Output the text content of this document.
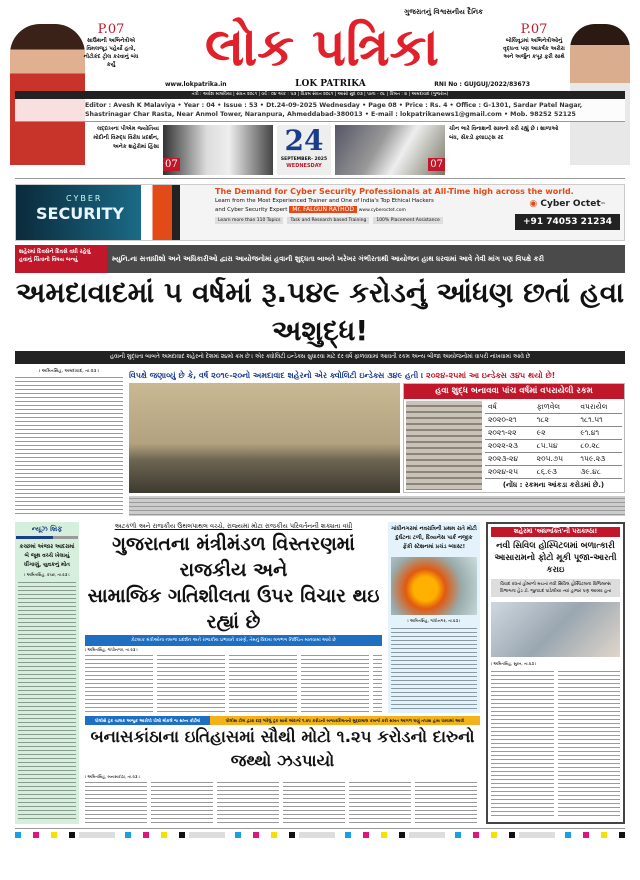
P.07
સાઉથની અભિનેત્રીએ વિમલજૂડ પહેર્યો હતો, નોટોકંદ ટ્રોલ કરવાનું બંધ કર્યું
ગુજરાતનું વિશ્વસનીય દૈનિક
લોક પત્રિકા	P.07
બોલિવૂડમાં અભિનેત્રીઓનું વૃદ્ધત્વ પણ આકર્ષક અરોરા અને અર્જુન કપૂર ફરી સાથે
www.lokpatrika.in	LOK PATRIKA	RNI No : GUJGUJ/2022/83673
તંત્રી : અવેશ માલવિયા | સંવત ૨૦૮૧ | વર્ષ : ૦૪ અંક : ૫૩ | વિક્રમ સંવત ૨૦૮૧ | આસો સુદ ૦૩ | પાના - ૦૮ | કિંમત : ૪ | અમદાવાદ (ગુજરાત)
Editor : Avesh K Malaviya • Year : 04 • Issue : 53 • Dt.24-09-2025 Wednesday • Page 08 • Price : Rs. 4 • Office : G-1301, Sardar Patel Nagar,
Shastrinagar Char Rasta, Near Anmol Tower, Naranpura, Ahmeddabad-380013 • E-mail : lokpatrikanews1@gmail.com • Mob. 98252 52125
લદ્દાખના પીએમ જ્યોતિયા મોદીની વિરુદ્ધ વિરોધ પ્રદર્શન, અનેક શહેરોમાં હિંસા
07
24
SEPTEMBER- 2025
WEDNESDAY	07
ચીન ભારે વિનાશની સામનો કરી રહ્યું છે । શાળાઓ બંધ, સેંકડો ફ્લાઇટ્સ રદ
CYBER
SECURITY
The Demand for Cyber Security Professionals at All-Time high across the world.
Learn from the Most Experienced Trainer and One of India's Top Ethical Hackers
and Cyber Security Expert Mr. FALGUN RATHOD www.cyberoctet.com
Learn more than 110 Topics	Task and Research based Training	100% Placement Assistance
◉ Cyber Octet™
+91 74053 21234
શહેરમાં દિવસેને દિવસે વધી રહેલું હવાનું ચિંતાનો વિષય બન્યું	મ્યુનિ.ના સત્તાધીશો અને અધિકારીઓ દ્વારા આયોજનોમાં હવાની શુદ્ધતા બાબતે ખરેખર ગંભીરતાથી આયોજન હાથ ધરવામાં આવે તેવી માંગ પણ વિપક્ષે કરી
અમદાવાદમાં ૫ વર્ષમાં રૂ.૫૪૯ કરોડનું આંધણ છતાં હવા અશુદ્ધ!
હવાની શુદ્ધતા બાબતે અમદાવાદ શહેરનો દેશમાં ૨૪મો ક્રમ છે । એર ક્વોલિટી ઇન્ડેક્સ સુધારવા માટે દર વર્ષે ફાળવવામાં આવતી રકમ અન્ય બીજા આયોજનોમાં વાપરી નાંખવામાં આવે છે
। અમિતસિંહ, અમદાવાદ, તા.૨૩ ।	વિપક્ષે જણાવ્યું છે કે, વર્ષ ૨૦૧૯-૨૦નો અમદાવાદ શહેરનો એર ક્વોલિટી ઇન્ડેક્સ ૩૪૯ હતી । ૨૦૨૪-૨૫માં આ ઇન્ડેક્સ ૩૪૫ થયો છે!
હવા શુદ્ધ બનાવવા પાંચ વર્ષમાં વપરાયેલી રકમ
વર્ષ	ફાળવેલ	વપરાયેલ
૨૦૨૦-૨૧	૧૮૨	૧૮૧.૫૧
૨૦૨૧-૨૨	૯૨	૯૧.૪૧
૨૦૨૨-૨૩	૮૫.૫૪	૮૦.૨૮
૨૦૨૩-૨૪	૨૦૫.૭૫	૧૫૯.૨૩
૨૦૨૪-૨૫	૮૬.૯૩	૩૯.૪૮
(નોંધ : રકમના આંકડા કરોડમાં છે.)
ન્યૂઝ બ્રિફ
કચ્છમાં અંજાર આદરામાં બે જૂથ વચ્ચે ખેલાયું ધીંગાણું, યુવકનું મોત
। અમિતસિંહ, કચ્છ, તા.૨૩ ।
અટકળો અને રાજકીય ઉથલપાથલ વચ્ચે, રાજ્યમાં મોટા રાજકીય પરિવર્તનની શક્યતા વધી
ગુજરાતના મંત્રીમંડળ વિસ્તરણમાં રાજકીય અને
સામાજિક ગતિશીલતા ઉપર વિચાર થઇ રહ્યાં છે
કેટલાક મંત્રીઓના નબળા પ્રદર્શન અને રાજકીય પ્રભાવને કારણે, તેમનું વિદાય લગભગ નિશ્ચિત માનવામાં આવે છે
। અમિતસિંહ, ગાંધીનગર, તા.૨૩ ।
ગાંધીનગરમાં નવરાત્રિની પ્રથમ રાતે મોટી દુર્ઘટના ટળી, દિવ્યનેસ પાર્ક નજીક ફેંકી સ્ટેશનમાં પ્રચંડ બ્લાસ્ટ!
। અમિતસિંહ, ગાંધીનગર, તા.૨૩ ।
પોલીસે ટ્રક ચાલક અજુક આરોપી ધોલો મોકલે જ સખ્ત કોર્ટમાં	પોલીસ ટીમ દ્વારા દારૂ ભરેલું ટ્રક સાથે અંદાજે ૧.૨૫ કરોડની બજારકિંમતનો મુદ્દામાલ કબજે કરી સખત આગળ ઘણું તપાસ હાથ ધરવામાં આવી
બનાસકાંઠાના ઇતિહાસમાં સૌથી મોટો ૧.૨૫ કરોડનો દારુનો જથ્થો ઝડપાયો
। અમિતસિંહ, બનાસકાંઠા, તા.૨૩ ।
શહેરમાં 'અંધભક્તિ'ની પરાકાષ્ઠા!
નવી સિવિલ હોસ્પિટલમાં બળાત્કારી
આસારામનો ફોટો મૂકી પૂજા-આરતી કરાઇ
વિવાદ વધતાં હોબાળો મચતાં નવી સિવિલ હોસ્પિટલના વિજિલન્સ વિભાગના હેડ ડૉ. જુનાઇદ પાઠેલીયા ત્યાં હાજર પણ આવ્યા હતા
। અમિતસિંહ, સુરત, તા.૨૩ ।
